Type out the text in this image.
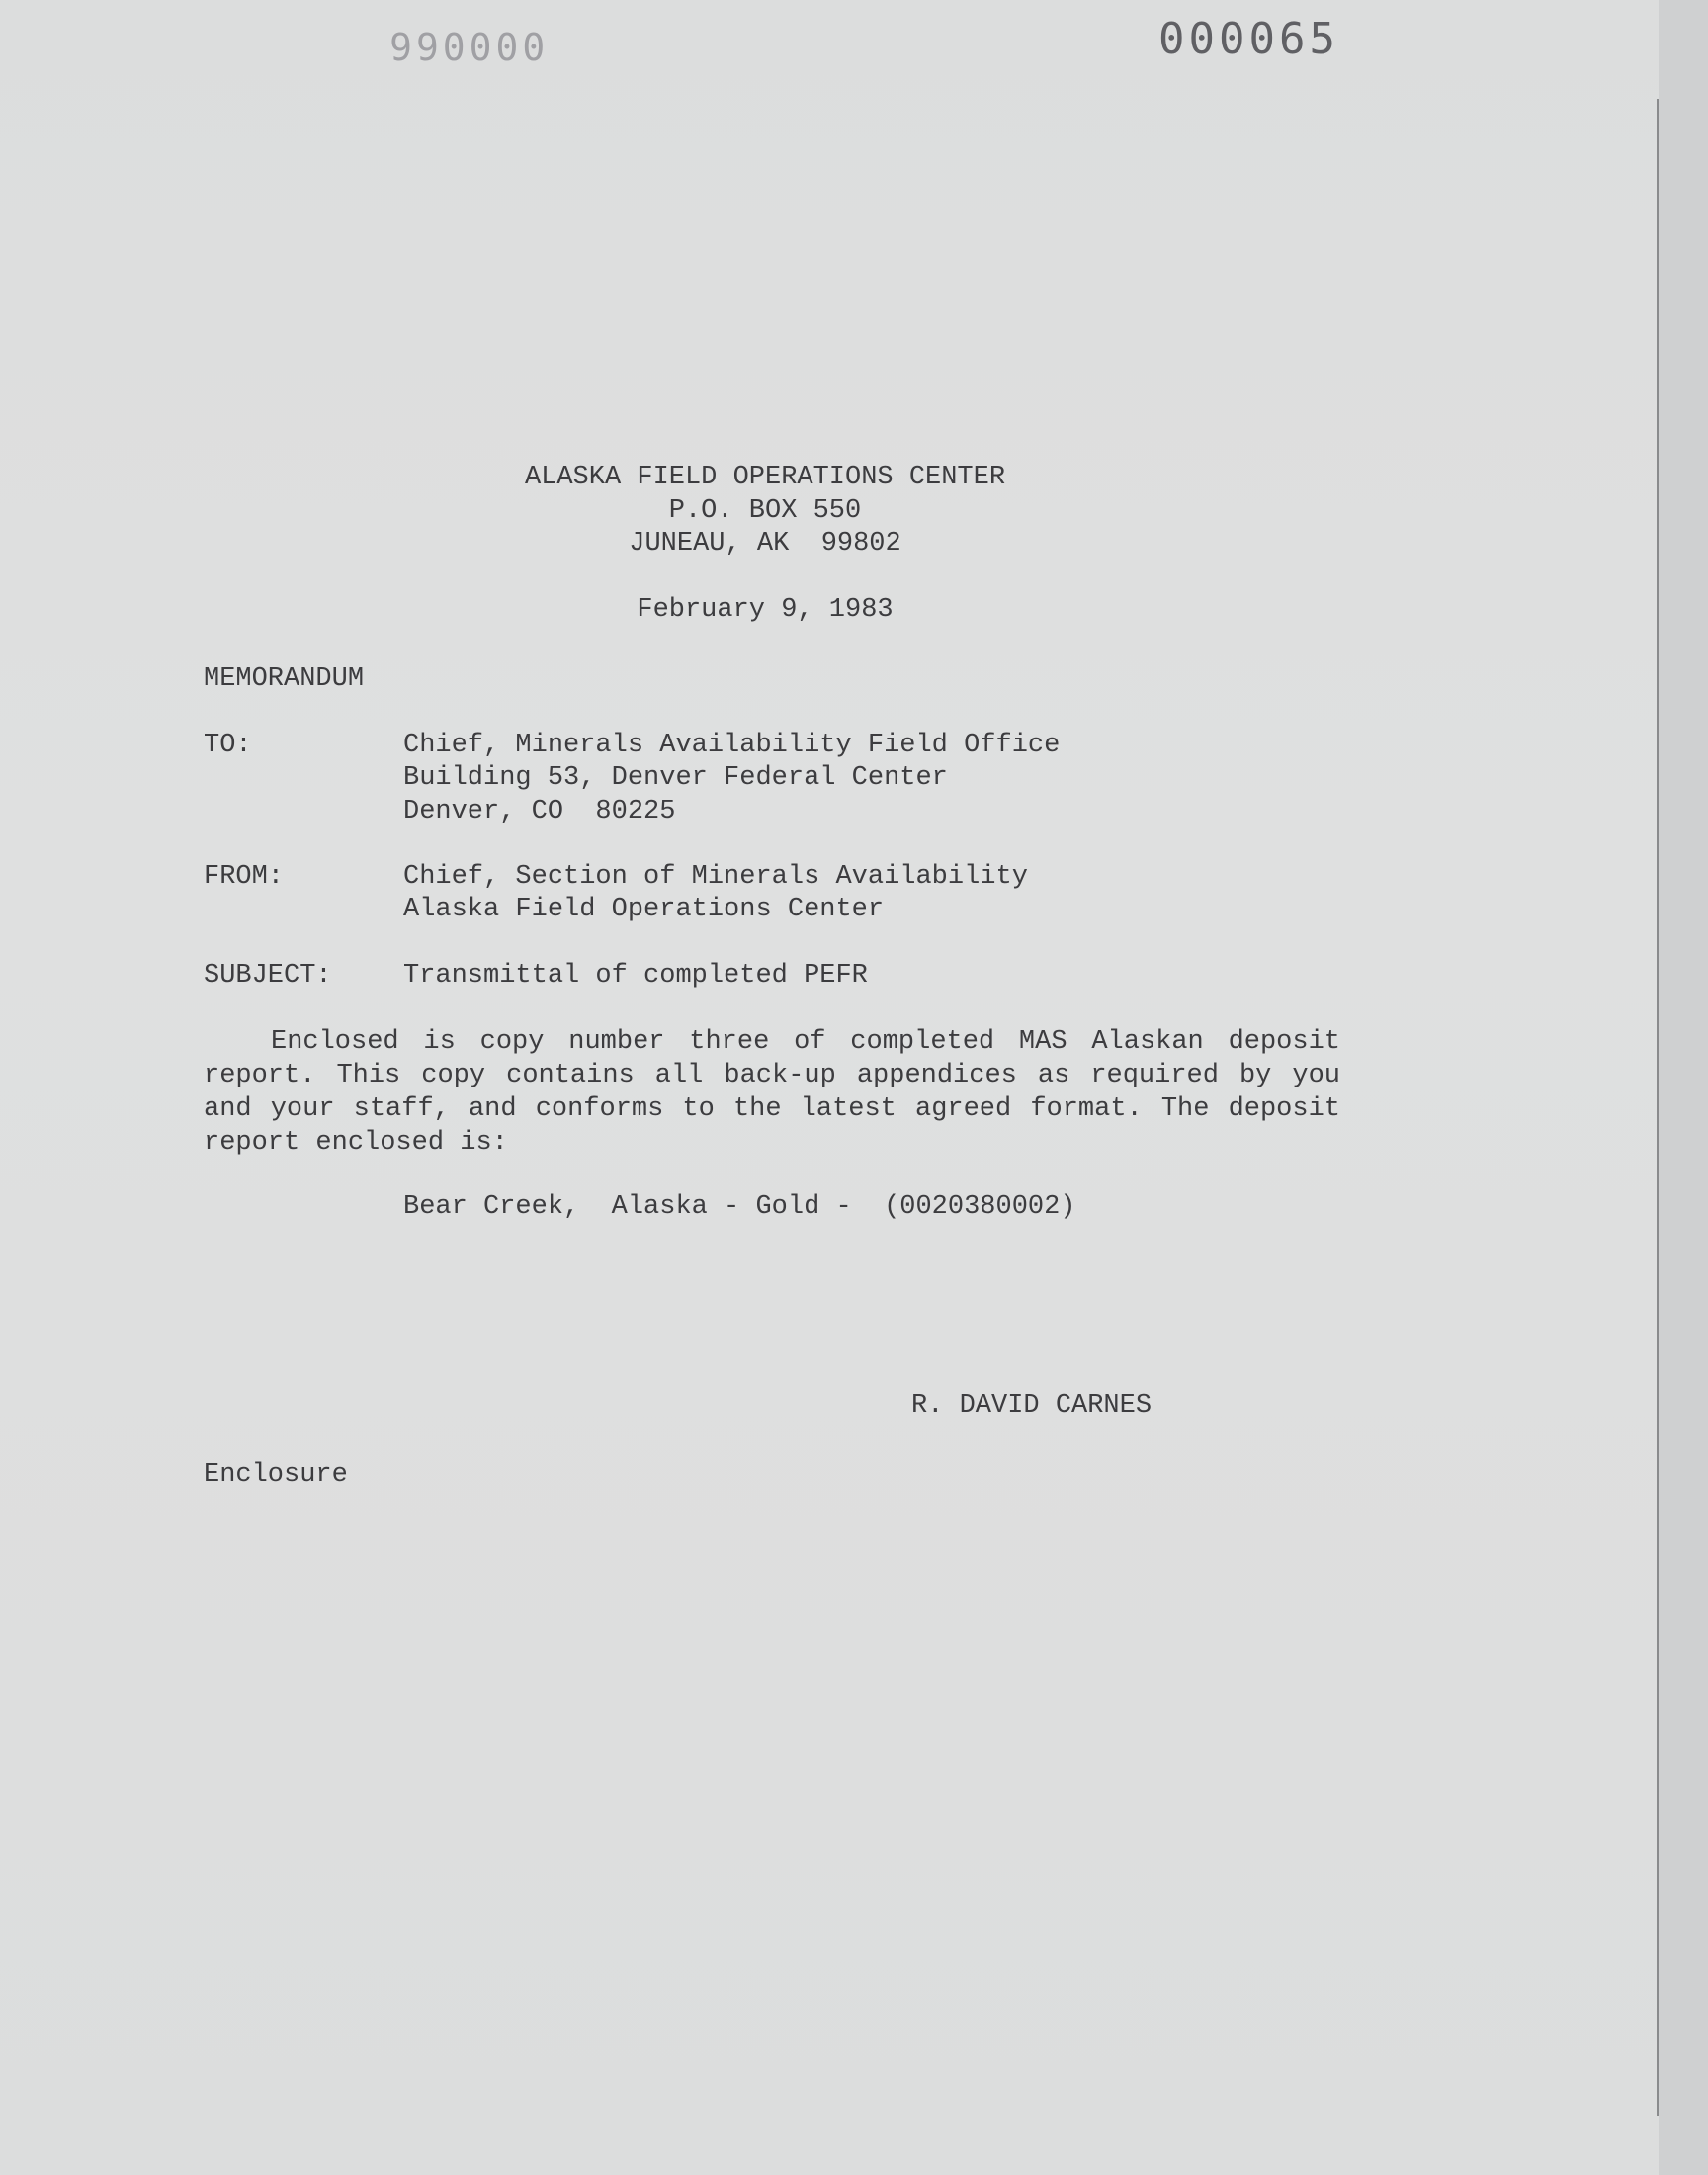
000066	000065
ALASKA FIELD OPERATIONS CENTER
P.O. BOX 550
JUNEAU, AK  99802
February 9, 1983
MEMORANDUM
TO:	Chief, Minerals Availability Field Office
Building 53, Denver Federal Center
Denver, CO  80225
FROM:	Chief, Section of Minerals Availability
Alaska Field Operations Center
SUBJECT:	Transmittal of completed PEFR

Enclosed is copy number three of completed MAS Alaskan deposit report. This copy contains all back-up appendices as required by you and your staff, and conforms to the latest agreed format. The deposit report enclosed is:

Bear Creek,  Alaska - Gold -  (0020380002)
R. DAVID CARNES
Enclosure
